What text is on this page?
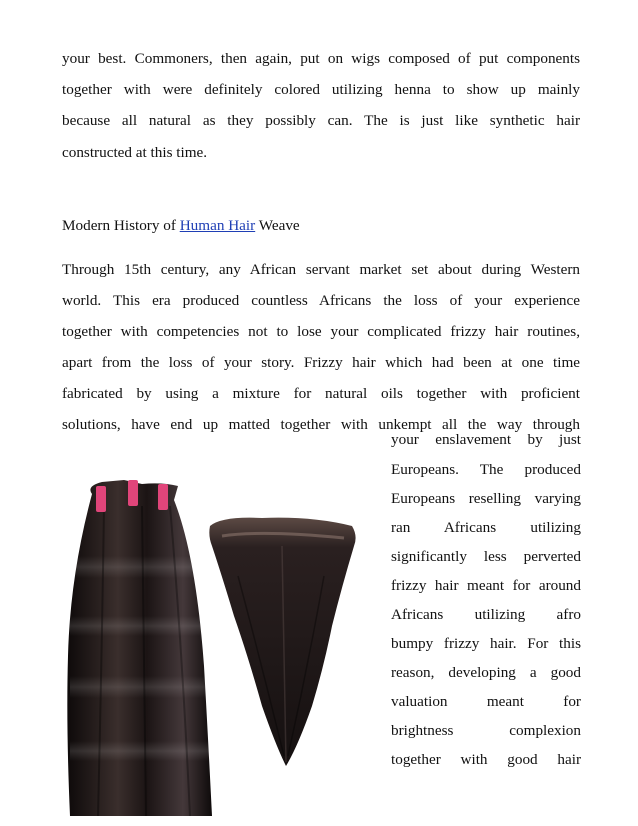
your best. Commoners, then again, put on wigs composed of put components
together with were definitely colored utilizing henna to show up mainly
because all natural as they possibly can. The is just like synthetic hair
constructed at this time.
Modern History of Human Hair Weave
Through 15th century, any African servant market set about during Western
world. This era produced countless Africans the loss of your experience
together with competencies not to lose your complicated frizzy hair routines,
apart from the loss of your story. Frizzy hair which had been at one time
fabricated by using a mixture for natural oils together with proficient
solutions, have end up matted together with unkempt all the way through
your enslavement by just
Europeans. The produced
Europeans reselling varying
ran Africans utilizing
significantly less perverted
frizzy hair meant for around
Africans utilizing afro
bumpy frizzy hair. For this
reason, developing a good
valuation meant for
brightness complexion
together with good hair
